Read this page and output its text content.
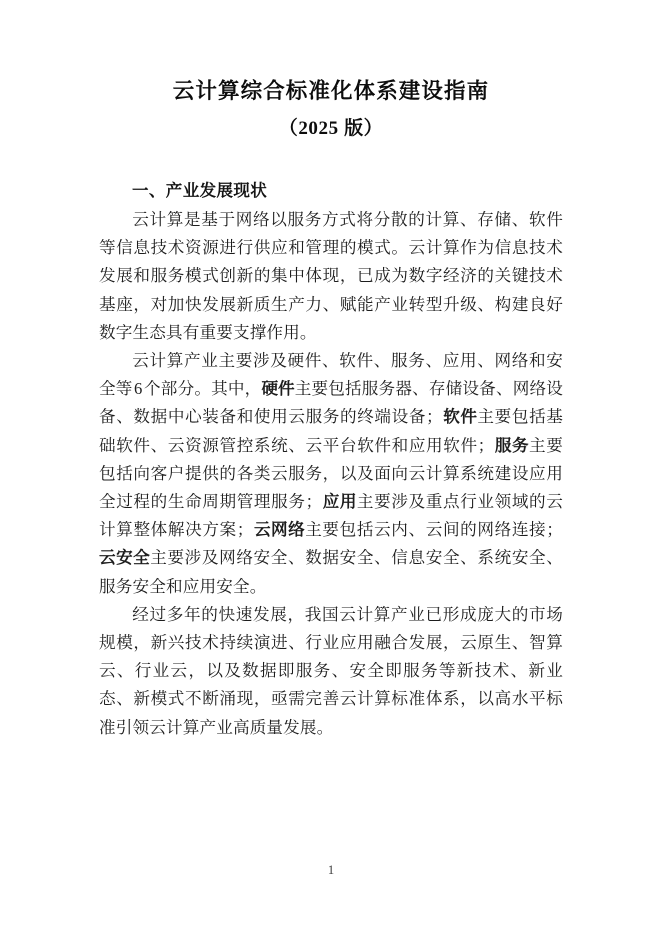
云计算综合标准化体系建设指南
（2025 版）
一、产业发展现状

云计算是基于网络以服务方式将分散的计算、存储、软件等信息技术资源进行供应和管理的模式。云计算作为信息技术发展和服务模式创新的集中体现，已成为数字经济的关键技术基座，对加快发展新质生产力、赋能产业转型升级、构建良好数字生态具有重要支撑作用。

云计算产业主要涉及硬件、软件、服务、应用、网络和安全等6个部分。其中，硬件主要包括服务器、存储设备、网络设备、数据中心装备和使用云服务的终端设备；软件主要包括基础软件、云资源管控系统、云平台软件和应用软件；服务主要包括向客户提供的各类云服务，以及面向云计算系统建设应用全过程的生命周期管理服务；应用主要涉及重点行业领域的云计算整体解决方案；云网络主要包括云内、云间的网络连接；云安全主要涉及网络安全、数据安全、信息安全、系统安全、服务安全和应用安全。

经过多年的快速发展，我国云计算产业已形成庞大的市场规模，新兴技术持续演进、行业应用融合发展，云原生、智算云、行业云，以及数据即服务、安全即服务等新技术、新业态、新模式不断涌现，亟需完善云计算标准体系，以高水平标准引领云计算产业高质量发展。

1
